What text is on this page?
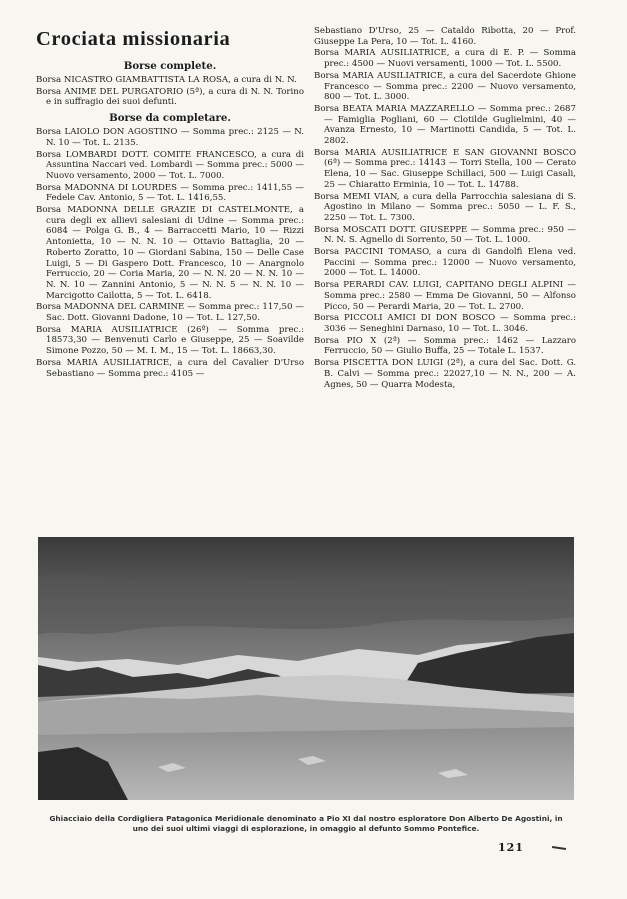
Crociata missionaria
Borse complete.

Borsa NICASTRO GIAMBATTISTA LA ROSA, a cura di N. N.

Borsa ANIME DEL PURGATORIO (5ª), a cura di N. N. Torino e in suffragio dei suoi defunti.

Borse da completare.

Borsa LAIOLO DON AGOSTINO — Somma prec.: 2125 — N. N. 10 — Tot. L. 2135.

Borsa LOMBARDI DOTT. COMITE FRANCESCO, a cura di Assuntina Naccari ved. Lombardi — Somma prec.: 5000 — Nuovo versamento, 2000 — Tot. L. 7000.

Borsa MADONNA DI LOURDES — Somma prec.: 1411,55 — Fedele Cav. Antonio, 5 — Tot. L. 1416,55.

Borsa MADONNA DELLE GRAZIE DI CASTELMONTE, a cura degli ex allievi salesiani di Udine — Somma prec.: 6084 — Polga G. B., 4 — Barraccetti Mario, 10 — Rizzi Antonietta, 10 — N. N. 10 — Ottavio Battaglia, 20 — Roberto Zoratto, 10 — Giordani Sabina, 150 — Delle Case Luigi, 5 — Di Gaspero Dott. Francesco, 10 — Anargnolo Ferruccio, 20 — Coria Maria, 20 — N. N. 20 — N. N. 10 — N. N. 10 — Zannini Antonio, 5 — N. N. 5 — N. N. 10 — Marcigotto Cailotta, 5 — Tot. L. 6418.

Borsa MADONNA DEL CARMINE — Somma prec.: 117,50 — Sac. Dott. Giovanni Dadone, 10 — Tot. L. 127,50.

Borsa MARIA AUSILIATRICE (26ª) — Somma prec.: 18573,30 — Benvenuti Carlo e Giuseppe, 25 — Soavilde Simone Pozzo, 50 — M. I. M., 15 — Tot. L. 18663,30.

Borsa MARIA AUSILIATRICE, a cura del Cavalier D'Urso Sebastiano — Somma prec.: 4105 —

Sebastiano D'Urso, 25 — Cataldo Ribotta, 20 — Prof. Giuseppe La Pera, 10 — Tot. L. 4160.

Borsa MARIA AUSILIATRICE, a cura di E. P. — Somma prec.: 4500 — Nuovi versamenti, 1000 — Tot. L. 5500.

Borsa MARIA AUSILIATRICE, a cura del Sacerdote Ghione Francesco — Somma prec.: 2200 — Nuovo versamento, 800 — Tot. L. 3000.

Borsa BEATA MARIA MAZZARELLO — Somma prec.: 2687 — Famiglia Pogliani, 60 — Clotilde Guglielmini, 40 — Avanza Ernesto, 10 — Martinotti Candida, 5 — Tot. L. 2802.

Borsa MARIA AUSILIATRICE E SAN GIOVANNI BOSCO (6ª) — Somma prec.: 14143 — Torri Stella, 100 — Cerato Elena, 10 — Sac. Giuseppe Schillaci, 500 — Luigi Casali, 25 — Chiaratto Erminia, 10 — Tot. L. 14788.

Borsa MEMI VIAN, a cura della Parrocchia salesiana di S. Agostino in Milano — Somma prec.: 5050 — L. F. S., 2250 — Tot. L. 7300.

Borsa MOSCATI DOTT. GIUSEPPE — Somma prec.: 950 — N. N. S. Agnello di Sorrento, 50 — Tot. L. 1000.

Borsa PACCINI TOMASO, a cura di Gandolfi Elena ved. Paccini — Somma prec.: 12000 — Nuovo versamento, 2000 — Tot. L. 14000.

Borsa PERARDI CAV. LUIGI, CAPITANO DEGLI ALPINI — Somma prec.: 2580 — Emma De Giovanni, 50 — Alfonso Picco, 50 — Perardi Maria, 20 — Tot. L. 2700.

Borsa PICCOLI AMICI DI DON BOSCO — Somma prec.: 3036 — Seneghini Darnaso, 10 — Tot. L. 3046.

Borsa PIO X (2ª) — Somma prec.: 1462 — Lazzaro Ferruccio, 50 — Giulio Buffa, 25 — Totale L. 1537.

Borsa PISCETTA DON LUIGI (2ª), a cura del Sac. Dott. G. B. Calvi — Somma prec.: 22027,10 — N. N., 200 — A. Agnes, 50 — Quarra Modesta,

Ghiacciaio della Cordigliera Patagonica Meridionale denominato a Pio XI dal nostro esploratore Don Alberto De Agostini, in uno dei suoi ultimi viaggi di esplorazione, in omaggio al defunto Sommo Pontefice.

121
